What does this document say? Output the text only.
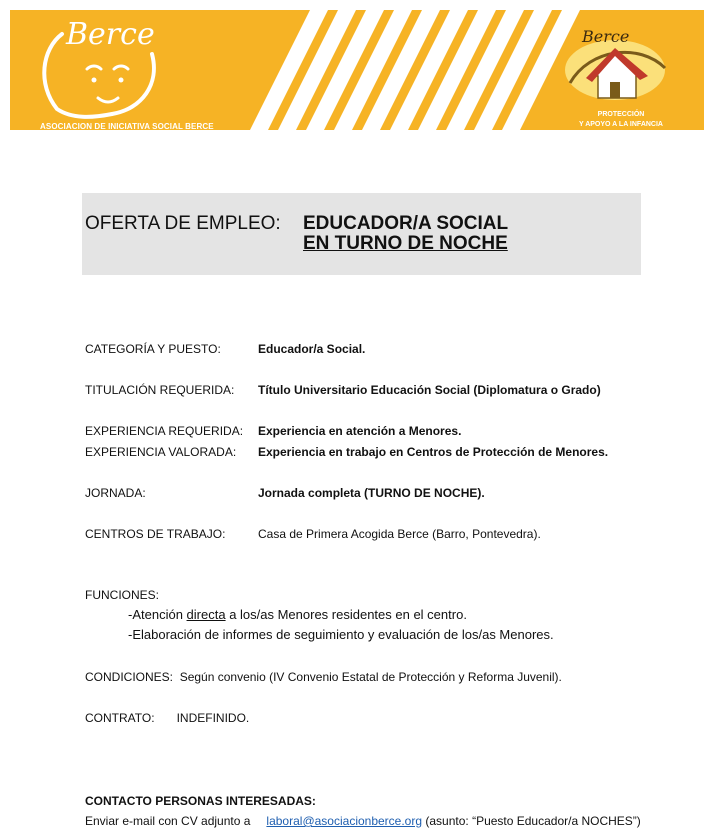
Berce
ASOCIACION DE INICIATIVA SOCIAL BERCE
Berce
PROTECCIÓN
Y APOYO A LA INFANCIA
OFERTA DE EMPLEO: EDUCADOR/A SOCIAL
EN TURNO DE NOCHE
CATEGORÍA Y PUESTO:	Educador/a Social.
TITULACIÓN REQUERIDA: Título Universitario Educación Social (Diplomatura o Grado)
EXPERIENCIA REQUERIDA: Experiencia en atención a Menores.
EXPERIENCIA VALORADA: Experiencia en trabajo en Centros de Protección de Menores.
JORNADA:	Jornada completa (TURNO DE NOCHE).
CENTROS DE TRABAJO:	Casa de Primera Acogida Berce (Barro, Pontevedra).
FUNCIONES:
-Atención directa a los/as Menores residentes en el centro.
-Elaboración de informes de seguimiento y evaluación de los/as Menores.
CONDICIONES: Según convenio (IV Convenio Estatal de Protección y Reforma Juvenil).
CONTRATO: INDEFINIDO.
CONTACTO PERSONAS INTERESADAS:
Enviar e-mail con CV adjunto a laboral@asociacionberce.org (asunto: “Puesto Educador/a NOCHES”)
